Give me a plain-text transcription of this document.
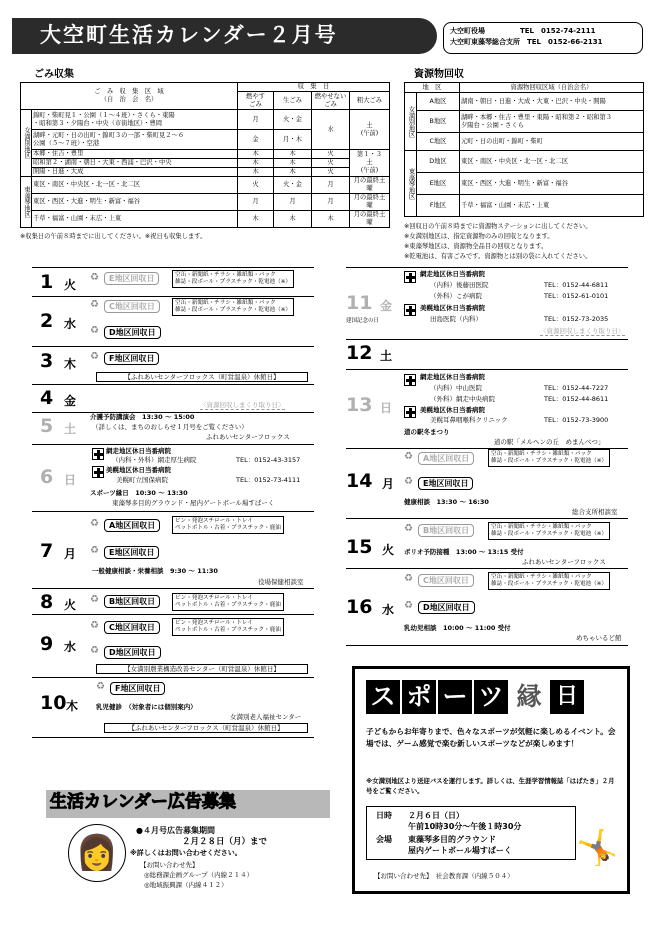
大空町生活カレンダー２月号	大空町役場　　　　　	TEL　0152-74-2111
大空町東藻琴総合支所　 TEL　0152-66-2131
ごみ収集
ご　み　収　集　区　域
（自　治　会　名）		収　集　日			
		燃やす
ごみ	生ごみ	燃やせない
ごみ	粗大ごみ
女満別地区	錦町・柴町見１・公園（１～４班）・さくら・東陽
・昭和第３・夕陽台・中央（市街地区）・豊岡	月	火・金	水	土
(午前)
	湖畔・元町・日の出町・錦町３の一部・柴町見２～６
公園（５～７班）・空港	金	月・木		
	本郷・住吉・豊里	木	木	火	第１・３
土
(午前)
	昭和第２・湖南・朝日・大東・西浦・巴沢・中央	木	木	火	
	開陽・日進・大成	木	木	火	
東藻琴地区	東区・南区・中央区・北一区・北二区	火	火・金	月	月の最終土曜
	東区・西区・大進・明生・新富・福谷	月	月	月	月の最終土曜
	千草・福富・山園・末広・上東	木	木	木	月の最終土曜
※収集日の午前８時までに出してください。※祝日も収集します。
資源物回収
地　区		資源物回収区域（自治会名）
女満別地区	A地区	湖南・朝日・日進・大成・大東・巴沢・中央・開陽
	B地区	湖畔・本郷・住吉・豊里・東陽・昭和第２・昭和第３
夕陽台・公園・さくら
	C地区	元町・日の出町・錦町・柴町
東藻琴地区	D地区	東区・南区・中央区・北一区・北二区
	E地区	東区・西区・大進・明生・新富・福谷
	F地区	千草・福富・山園・末広・上東
※回収日の午前８時までに資源物ステーションに出してください。
※女満別地区は、指定資源物のみの回収となります。
※東藻琴地区は、資源物全品目の回収となります。
※乾電池は、有害ごみです。資源物とは別の袋に入れてください。
1 火
♻	E地区回収日	空缶・新聞紙・チラシ・雑紙類・パック
雑誌・段ボール・プラスチック・乾電池（※）
2 水
♻	C地区回収日	空缶・新聞紙・チラシ・雑紙類・パック
雑誌・段ボール・プラスチック・乾電池（※）
♻	D地区回収日
3 木
♻	F地区回収日
【ふれあいセンターフロックス（町営温泉）休館日】
4 金	〈資源回収しまくり取り日〉
5 土
介護予防講演会　13:30 ～ 15:00
（詳しくは、まちのおしらせ１月号をご覧ください）
ふれあいセンターフロックス
6 日
網走地区休日当番病院
（内科・外科）網走厚生病院	TEL：0152-43-3157
美幌地区休日当番病院
美幌町立国保病院	TEL：0152-73-4111
スポーツ縁日　10:30 ～ 13:30
東藻琴多目的グラウンド・屋内ゲートボール場すぱーく
7 月
♻	A地区回収日	ビン・発泡スチロール・トレイ
ペットボトル・古着・プラスチック・鹿油
♻	E地区回収日
一般健康相談・栄養相談　9:30 ～ 11:30
役場保健相談室
8 火 ♻	B地区回収日	ビン・発泡スチロール・トレイ
ペットボトル・古着・プラスチック・鹿油
9 水
♻	C地区回収日	ビン・発泡スチロール・トレイ
ペットボトル・古着・プラスチック・鹿油
♻	D地区回収日
【女満別農業構造改善センター（町営温泉）休館日】
10 木
♻	F地区回収日
乳児健診　（対象者には個別案内）
女満別老人福祉センター
【ふれあいセンターフロックス（町営温泉）休館日】
生活カレンダー広告募集
👩
●４月号広告募集期間
２月２８日（月）まで
※詳しくはお問い合わせください。
【お問い合わせ先】
◎総務課企画グループ（内線２１４）
◎地域振興課（内線４１２）
11 金
建国記念の日
網走地区休日当番病院
（内科）後藤田医院	TEL：0152-44-6811
（外科）こが病院	TEL：0152-61-0101
美幌地区休日当番病院
田島医院（内科）	TEL：0152-73-2035
〈資源回収しまくり取り日〉
12 土
13 日
網走地区休日当番病院
（内科）中山医院	TEL：0152-44-7227
（外科）網走中央病院	TEL：0152-44-8611
美幌地区休日当番病院
美幌耳鼻咽喉科クリニック	TEL：0152-73-3900
道の駅冬まつり
道の駅「メルヘンの丘　めまんべつ」
14 月
♻	A地区回収日	空缶・新聞紙・チラシ・雑紙類・パック
雑誌・段ボール・プラスチック・乾電池（※）
♻	E地区回収日
健康相談　13:30 ～ 16:30
総合支所相談室
15 火
♻	B地区回収日	空缶・新聞紙・チラシ・雑紙類・パック
雑誌・段ボール・プラスチック・乾電池（※）
ポリオ予防接種　13:00 ～ 13:15 受付
ふれあいセンターフロックス
16 水
♻	C地区回収日	空缶・新聞紙・チラシ・雑紙類・パック
雑誌・段ボール・プラスチック・乾電池（※）
♻	D地区回収日
乳幼児相談　10:00 ～ 11:00 受付
めちゃいるど館
ス ポ ー ツ 縁 日
子どもからお年寄りまで、色々なスポーツが気軽に楽しめるイベント。会場では、ゲーム感覚で楽む新しいスポーツなどが楽しめます！
※女満別地区より送迎バスを運行します。詳しくは、生涯学習情報誌「はばたき」２月号をご覧ください。
日時 ２月６日（日）
午前10時30分～午後１時30分
会場 東藻琴多目的グラウンド
屋内ゲートボール場すぱーく 🤸
【お問い合わせ先】　社会教育課（内線５０４）
